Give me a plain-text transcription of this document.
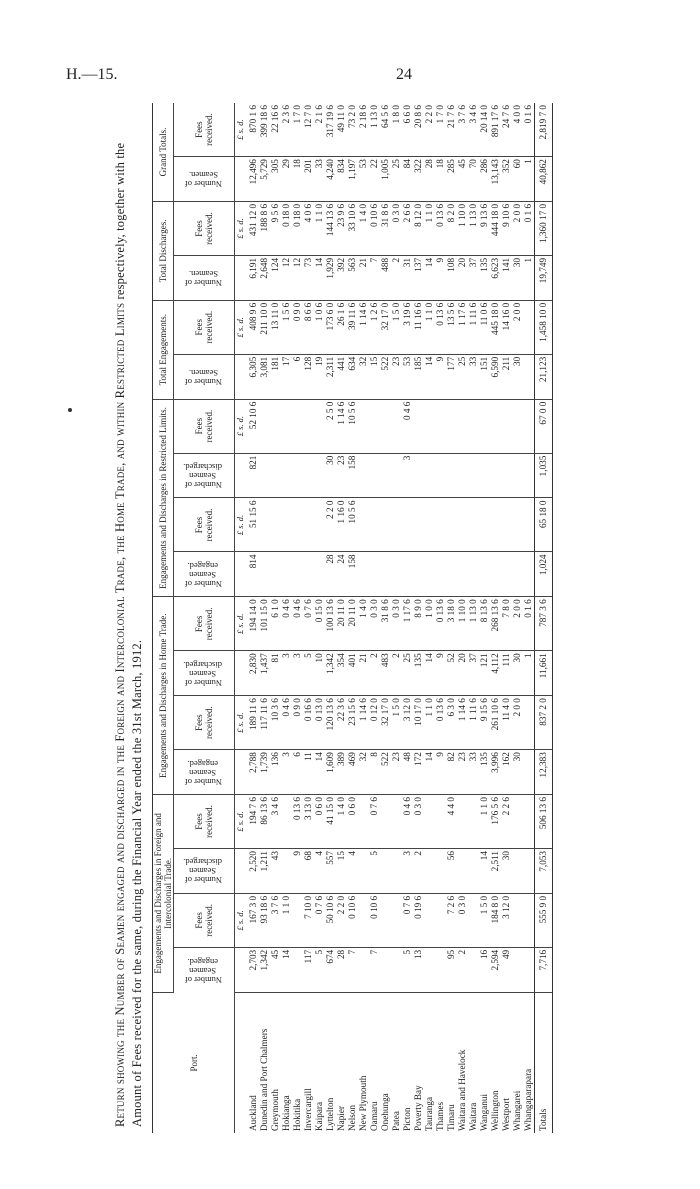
H.—15.	24

Return showing the Number of Seamen engaged and discharged in the Foreign and Intercolonial Trade, the Home Trade, and within Restricted Limits respectively, together with the Amount of Fees received for the same, during the Financial Year ended the 31st March, 1912.	Port.	Engagements and Discharges in Foreign and Intercolonial Trade.				Engagements and Discharges in Home Trade.				Engagements and Discharges in Restricted Limits.				Total Engagements.		Total Discharges.		Grand Totals.	
	Number of Seamen engaged.	Fees received.	Number of Seamen discharged.	Fees received.	Number of Seamen engaged.	Fees received.	Number of Seamen discharged.	Fees received.	Number of Seamen engaged.	Fees received.	Number of Seamen discharged.	Fees received.	Number of Seamen.	Fees received.	Number of Seamen.	Fees received.	Number of Seamen.	Fees received.
		£ s. d.		£ s. d.		£ s. d.		£ s. d.		£ s. d.		£ s. d.		£ s. d.		£ s. d.		£ s. d.
Auckland	2,703	167 3 0	2,520	194 7 6	2,788	189 11 6	2,830	194 14 0	814	51 15 6	821	52 10 6	6,305	408 9 6	6,191	431 12 0	12,496	870 1 6
Dunedin and Port Chalmers	1,342	93 18 6	1,211	86 13 6	1,739	117 11 6	1,437	101 15 0					3,081	211 10 0	2,648	188 8 6	5,729	399 18 6
Greymouth	45	3 7 6	43	3 4 6	136	10 3 6	81	6 1 0					181	13 11 0	124	9 5 6	305	22 16 6
Hokianga	14	1 1 0			3	0 4 6	3	0 4 6					17	1 5 6	12	0 18 0	29	2 3 6
Hokitika			9	0 13 6	6	0 9 0	3	0 4 6					6	0 9 0	12	0 18 0	18	1 7 0
Invercargill	117	7 10 0	68	3 13 0	11	0 16 6	5	0 7 6					128	8 6 6	73	4 0 6	201	12 7 0
Kaipara	5	0 7 6	4	0 6 0	14	0 13 0	10	0 15 0					19	1 0 6	14	1 1 0	33	2 1 6
Lyttelton	674	50 10 6	557	41 15 0	1,609	120 13 6	1,342	100 13 6	28	2 2 0	30	2 5 0	2,311	173 6 0	1,929	144 13 6	4,240	317 19 6
Napier	28	2 2 0	15	1 4 0	389	22 3 6	354	20 11 0	24	1 16 0	23	1 14 6	441	26 1 6	392	23 9 6	834	49 11 0
Nelson	7	0 10 6	4	0 6 0	469	23 15 6	401	20 11 0	158	10 5 6	158	10 5 6	634	39 11 6	563	33 10 6	1,197	73 2 0
New Plymouth					32	1 14 6	21	1 4 0					32	1 14 6	21	1 4 0	53	2 18 6
Oamaru	7	0 10 6	5	0 7 6	8	0 12 0	2	0 3 0					15	1 2 6	7	0 10 6	22	1 13 0
Onehunga					522	32 17 0	483	31 8 6					522	32 17 0	488	31 8 6	1,005	64 5 6
Patea					23	1 5 0	2	0 3 0					23	1 5 0	2	0 3 0	25	1 8 0
Picton	5	0 7 6	3	0 4 6	48	3 12 0	25	1 17 6			3	0 4 6	53	3 19 6	31	2 6 6	84	6 6 0
Poverty Bay	13	0 19 6	2	0 3 0	172	10 17 0	135	8 9 0					185	11 16 6	137	8 12 0	322	20 8 6
Tauranga					14	1 1 0	14	1 0 0					14	1 1 0	14	1 1 0	28	2 2 0
Thames					9	0 13 6	9	0 13 6					9	0 13 6	9	0 13 6	18	1 7 0
Timaru	95	7 2 6	56	4 4 0	82	6 3 0	52	3 18 0					177	13 5 6	108	8 2 0	285	21 7 6
Waitara and Havelock	2	0 3 0			23	1 14 6	20	1 10 0					25	1 17 6	20	1 10 0	45	3 7 6
Waitara					33	1 11 6	37	1 13 0					33	1 11 6	37	1 13 0	70	3 4 6
Wanganui	16	1 5 0	14	1 1 0	135	9 15 6	121	8 13 6					151	11 0 6	135	9 13 6	286	20 14 0
Wellington	2,594	184 8 0	2,511	176 5 6	3,996	261 10 6	4,112	268 13 6					6,590	445 18 0	6,623	444 18 0	13,143	891 17 6
Westport	49	3 12 0	30	2 2 6	162	11 4 0	111	7 8 0					211	14 16 0	141	9 10 6	352	24 7 6
Whangarei					30	2 0 0	30	2 0 0					30	2 0 0	30	2 0 0	60	4 0 0
Whangaparapara							1	0 1 6							1	0 1 6	1	0 1 6
Totals	7,716	555 9 0	7,053	506 13 6	12,383	837 2 0	11,661	787 3 6	1,024	65 18 0	1,035	67 0 0	21,123	1,458 10 0	19,749	1,360 17 0	40,862	2,819 7 0
